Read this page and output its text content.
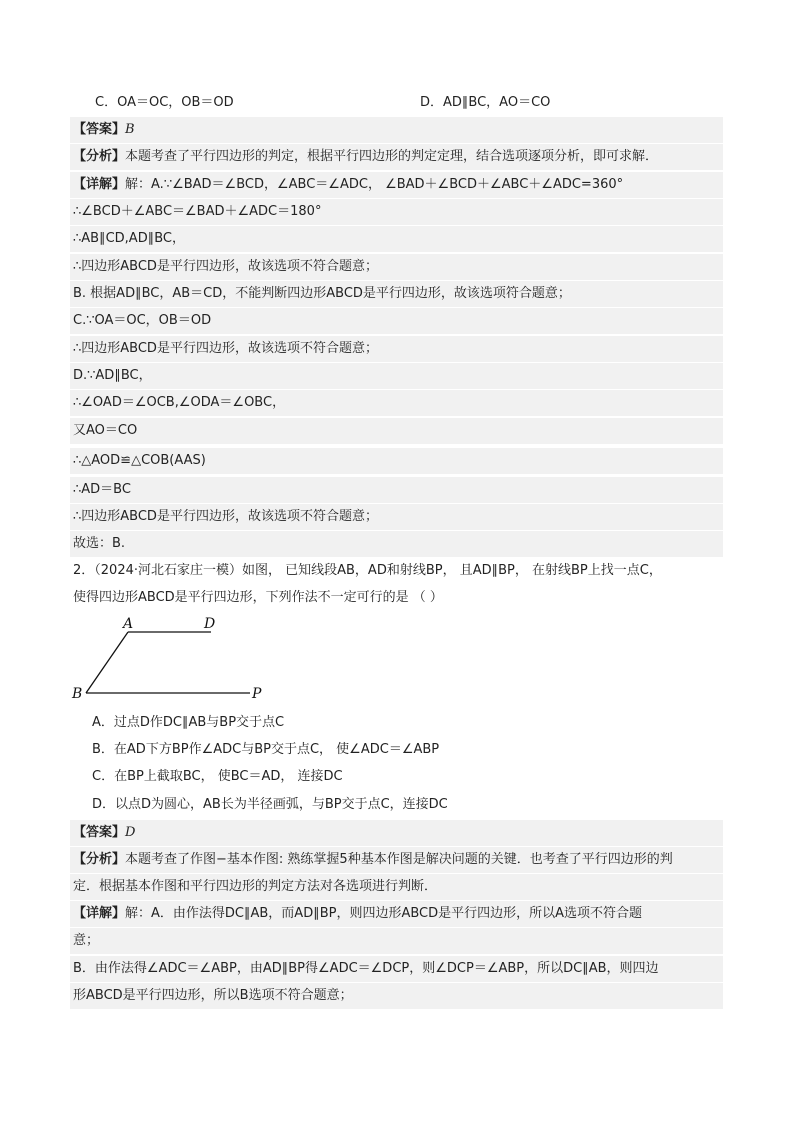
C．OA＝OC，OB＝OD	D．AD∥BC，AO＝CO
【答案】B
【分析】本题考查了平行四边形的判定，根据平行四边形的判定定理，结合选项逐项分析，即可求解．
【详解】解：A.∵∠BAD＝∠BCD，∠ABC＝∠ADC， ∠BAD＋∠BCD＋∠ABC＋∠ADC=360°
∴∠BCD＋∠ABC＝∠BAD＋∠ADC＝180°
∴AB∥CD,AD∥BC，
∴四边形ABCD是平行四边形，故该选项不符合题意；
B. 根据AD∥BC，AB＝CD，不能判断四边形ABCD是平行四边形，故该选项符合题意；
C.∵OA＝OC，OB＝OD
∴四边形ABCD是平行四边形，故该选项不符合题意；
D.∵AD∥BC，
∴∠OAD＝∠OCB,∠ODA＝∠OBC，
又AO＝CO
∴△AOD≌△COB(AAS)
∴AD＝BC
∴四边形ABCD是平行四边形，故该选项不符合题意；
故选：B.
2．（2024·河北石家庄一模）如图， 已知线段AB，AD和射线BP， 且AD∥BP， 在射线BP上找一点C，
使得四边形ABCD是平行四边形，下列作法不一定可行的是 （ ）
A	D
B	P
A．过点D作DC∥AB与BP交于点C
B．在AD下方BP作∠ADC与BP交于点C， 使∠ADC＝∠ABP
C．在BP上截取BC， 使BC＝AD， 连接DC
D．以点D为圆心，AB长为半径画弧，与BP交于点C，连接DC
【答案】D
【分析】本题考查了作图−基本作图: 熟练掌握5种基本作图是解决问题的关键．也考查了平行四边形的判
定．根据基本作图和平行四边形的判定方法对各选项进行判断．
【详解】解：A．由作法得DC∥AB，而AD∥BP，则四边形ABCD是平行四边形，所以A选项不符合题
意；
B．由作法得∠ADC＝∠ABP，由AD∥BP得∠ADC＝∠DCP，则∠DCP＝∠ABP，所以DC∥AB，则四边
形ABCD是平行四边形，所以B选项不符合题意；
